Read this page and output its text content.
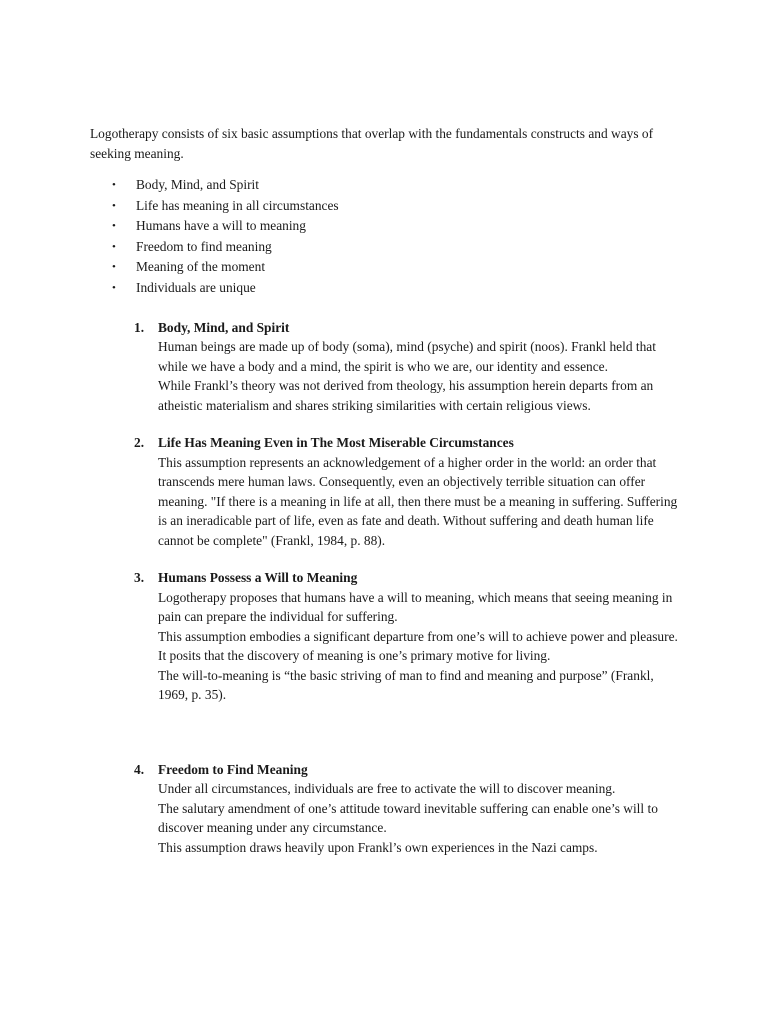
Logotherapy consists of six basic assumptions that overlap with the fundamentals constructs and ways of seeking meaning.

• Body, Mind, and Spirit
• Life has meaning in all circumstances
• Humans have a will to meaning
• Freedom to find meaning
• Meaning of the moment
• Individuals are unique
1. Body, Mind, and Spirit

Human beings are made up of body (soma), mind (psyche) and spirit (noos). Frankl held that while we have a body and a mind, the spirit is who we are, our identity and essence.

While Frankl’s theory was not derived from theology, his assumption herein departs from an atheistic materialism and shares striking similarities with certain religious views.

2. Life Has Meaning Even in The Most Miserable Circumstances

This assumption represents an acknowledgement of a higher order in the world: an order that transcends mere human laws. Consequently, even an objectively terrible situation can offer meaning. "If there is a meaning in life at all, then there must be a meaning in suffering. Suffering is an ineradicable part of life, even as fate and death. Without suffering and death human life cannot be complete" (Frankl, 1984, p. 88).

3. Humans Possess a Will to Meaning

Logotherapy proposes that humans have a will to meaning, which means that seeing meaning in pain can prepare the individual for suffering.

This assumption embodies a significant departure from one’s will to achieve power and pleasure. It posits that the discovery of meaning is one’s primary motive for living.

The will-to-meaning is “the basic striving of man to find and meaning and purpose” (Frankl, 1969, p. 35).

4. Freedom to Find Meaning

Under all circumstances, individuals are free to activate the will to discover meaning.

The salutary amendment of one’s attitude toward inevitable suffering can enable one’s will to discover meaning under any circumstance.

This assumption draws heavily upon Frankl’s own experiences in the Nazi camps.
